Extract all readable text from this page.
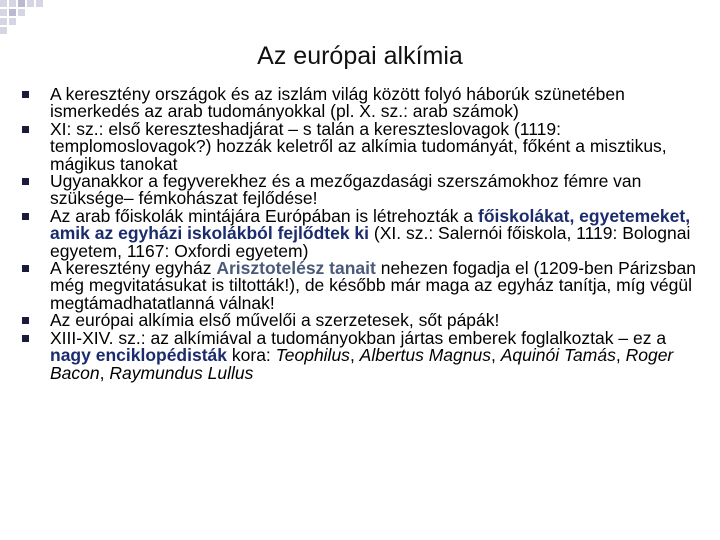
Az európai alkímia
A keresztény országok és az iszlám világ között folyó háborúk szünetében ismerkedés az arab tudományokkal (pl. X. sz.: arab számok)
XI: sz.: első kereszteshadjárat – s talán a kereszteslovagok (1119: templomoslovagok?) hozzák keletről az alkímia tudományát, főként a misztikus, mágikus tanokat
Ugyanakkor a fegyverekhez és a mezőgazdasági szerszámokhoz fémre van szüksége– fémkohászat fejlődése!
Az arab főiskolák mintájára Európában is létrehozták a főiskolákat, egyetemeket, amik az egyházi iskolákból fejlődtek ki (XI. sz.: Salernói főiskola, 1119: Bolognai egyetem, 1167: Oxfordi egyetem)
A keresztény egyház Arisztotelész tanait nehezen fogadja el (1209-ben Párizsban még megvitatásukat is tiltották!), de később már maga az egyház tanítja, míg végül megtámadhatatlanná válnak!
Az európai alkímia első művelői a szerzetesek, sőt pápák!
XIII-XIV. sz.: az alkímiával a tudományokban jártas emberek foglalkoztak – ez a nagy enciklopédisták kora: Teophilus, Albertus Magnus, Aquinói Tamás, Roger Bacon, Raymundus Lullus
